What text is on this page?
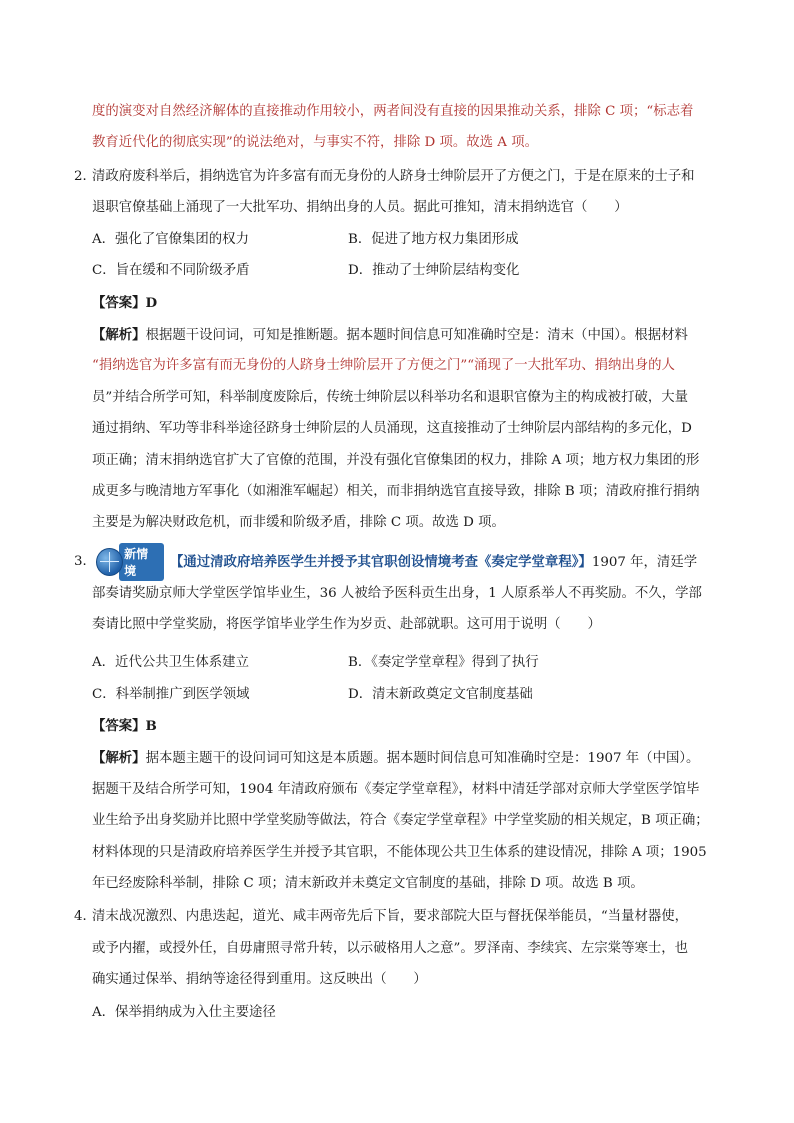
度的演变对自然经济解体的直接推动作用较小，两者间没有直接的因果推动关系，排除 C 项；“标志着
教育近代化的彻底实现”的说法绝对，与事实不符，排除 D 项。故选 A 项。
2．
清政府废科举后，捐纳选官为许多富有而无身份的人跻身士绅阶层开了方便之门，于是在原来的士子和
退职官僚基础上涌现了一大批军功、捐纳出身的人员。据此可推知，清末捐纳选官（　　）
A．强化了官僚集团的权力	B．促进了地方权力集团形成
C．旨在缓和不同阶级矛盾	D．推动了士绅阶层结构变化
【答案】D
【解析】根据题干设问词，可知是推断题。据本题时间信息可知准确时空是：清末（中国）。根据材料
“捐纳选官为许多富有而无身份的人跻身士绅阶层开了方便之门”“涌现了一大批军功、捐纳出身的人
员”并结合所学可知，科举制度废除后，传统士绅阶层以科举功名和退职官僚为主的构成被打破，大量
通过捐纳、军功等非科举途径跻身士绅阶层的人员涌现，这直接推动了士绅阶层内部结构的多元化，D
项正确；清末捐纳选官扩大了官僚的范围，并没有强化官僚集团的权力，排除 A 项；地方权力集团的形
成更多与晚清地方军事化（如湘淮军崛起）相关，而非捐纳选官直接导致，排除 B 项；清政府推行捐纳
主要是为解决财政危机，而非缓和阶级矛盾，排除 C 项。故选 D 项。
3．	新情境
【通过清政府培养医学生并授予其官职创设情境考查《奏定学堂章程》】1907 年，清廷学
部奏请奖励京师大学堂医学馆毕业生，36 人被给予医科贡生出身，1 人原系举人不再奖励。不久，学部
奏请比照中学堂奖励，将医学馆毕业学生作为岁贡、赴部就职。这可用于说明（　　）
A．近代公共卫生体系建立	B．《奏定学堂章程》得到了执行
C．科举制推广到医学领域	D．清末新政奠定文官制度基础
【答案】B
【解析】据本题主题干的设问词可知这是本质题。据本题时间信息可知准确时空是：1907 年（中国）。
据题干及结合所学可知，1904 年清政府颁布《奏定学堂章程》，材料中清廷学部对京师大学堂医学馆毕
业生给予出身奖励并比照中学堂奖励等做法，符合《奏定学堂章程》中学堂奖励的相关规定，B 项正确；
材料体现的只是清政府培养医学生并授予其官职，不能体现公共卫生体系的建设情况，排除 A 项；1905
年已经废除科举制，排除 C 项；清末新政并未奠定文官制度的基础，排除 D 项。故选 B 项。
4．
清末战况激烈、内患迭起，道光、咸丰两帝先后下旨，要求部院大臣与督抚保举能员，“当量材器使，
或予内擢，或授外任，自毋庸照寻常升转，以示破格用人之意”。罗泽南、李续宾、左宗棠等寒士，也
确实通过保举、捐纳等途径得到重用。这反映出（　　）
A．保举捐纳成为入仕主要途径
